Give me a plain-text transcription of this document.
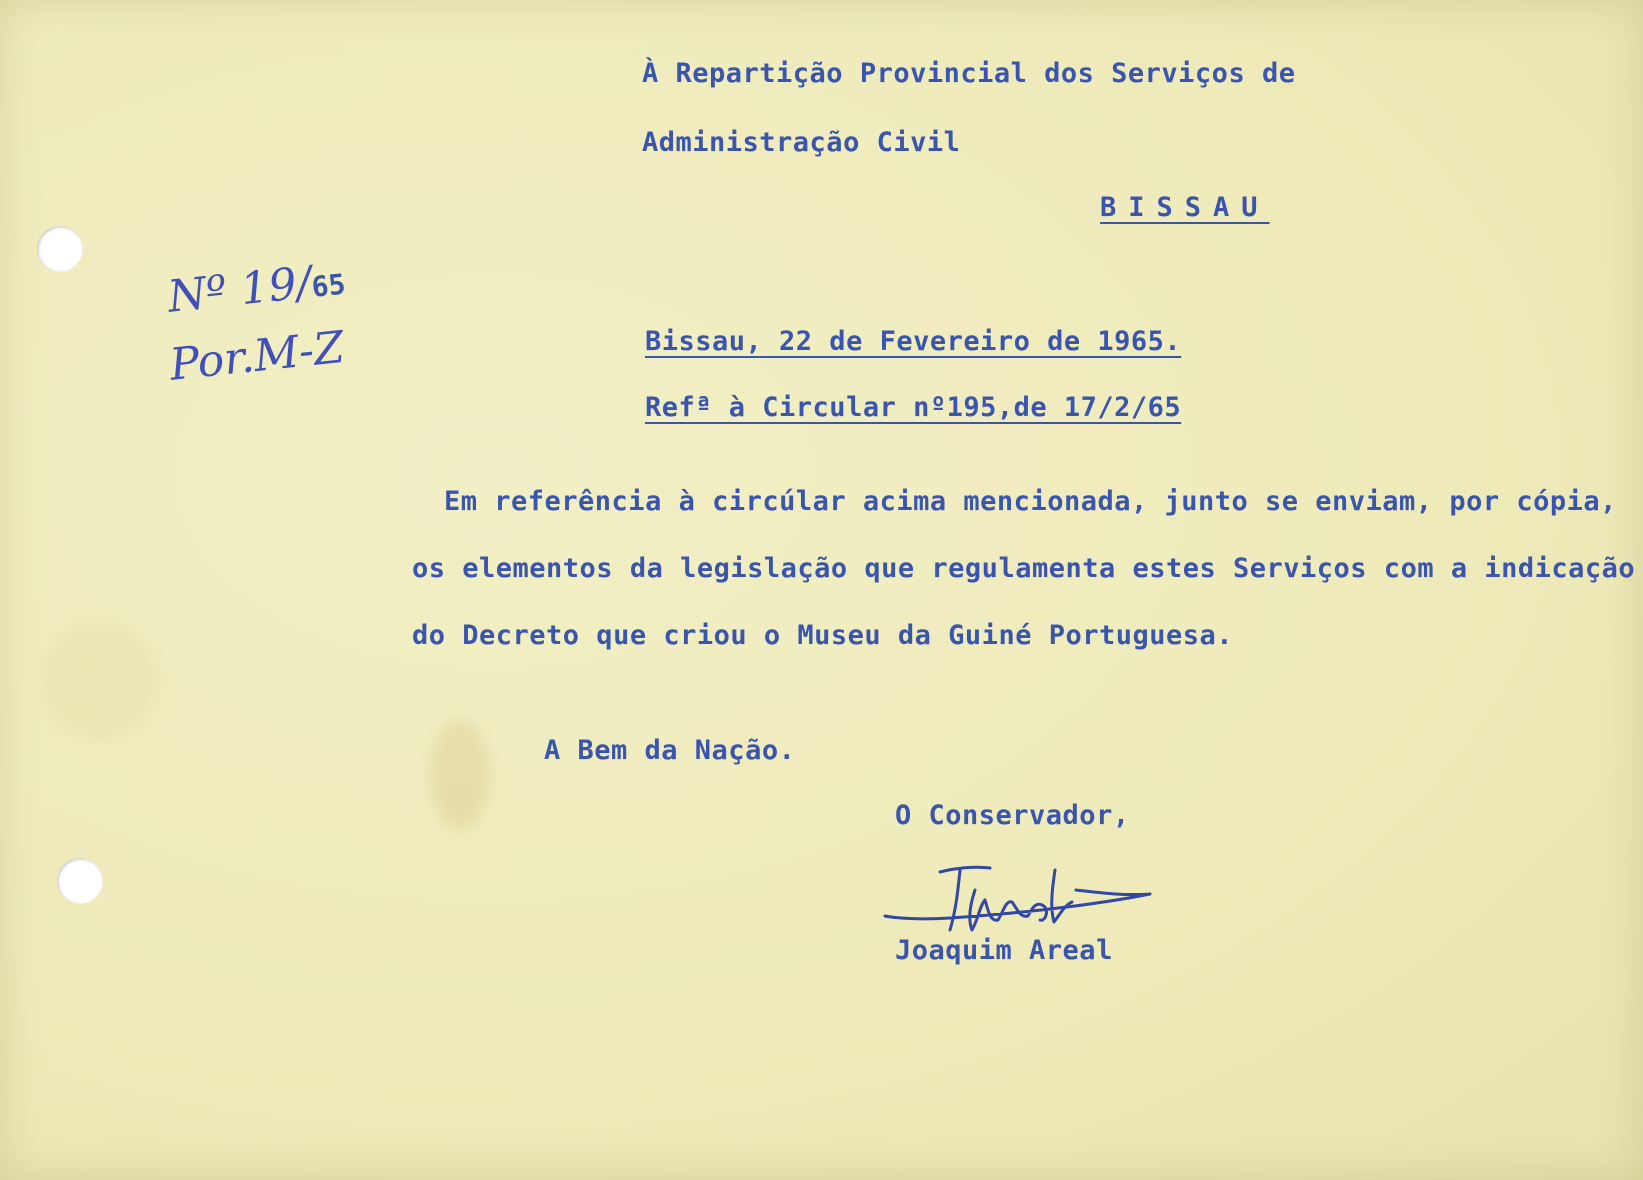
À Repartição Provincial dos Serviços de
Administração Civil
BISSAU
Nº 19/65
Por.M-Z	Bissau, 22 de Fevereiro de 1965.
Refª à Circular nº195,de 17/2/65
Em referência à circúlar acima mencionada, junto se enviam, por cópia,
os elementos da legislação que regulamenta estes Serviços com a indicação
do Decreto que criou o Museu da Guiné Portuguesa.
A Bem da Nação.
O Conservador,
Joaquim Areal
